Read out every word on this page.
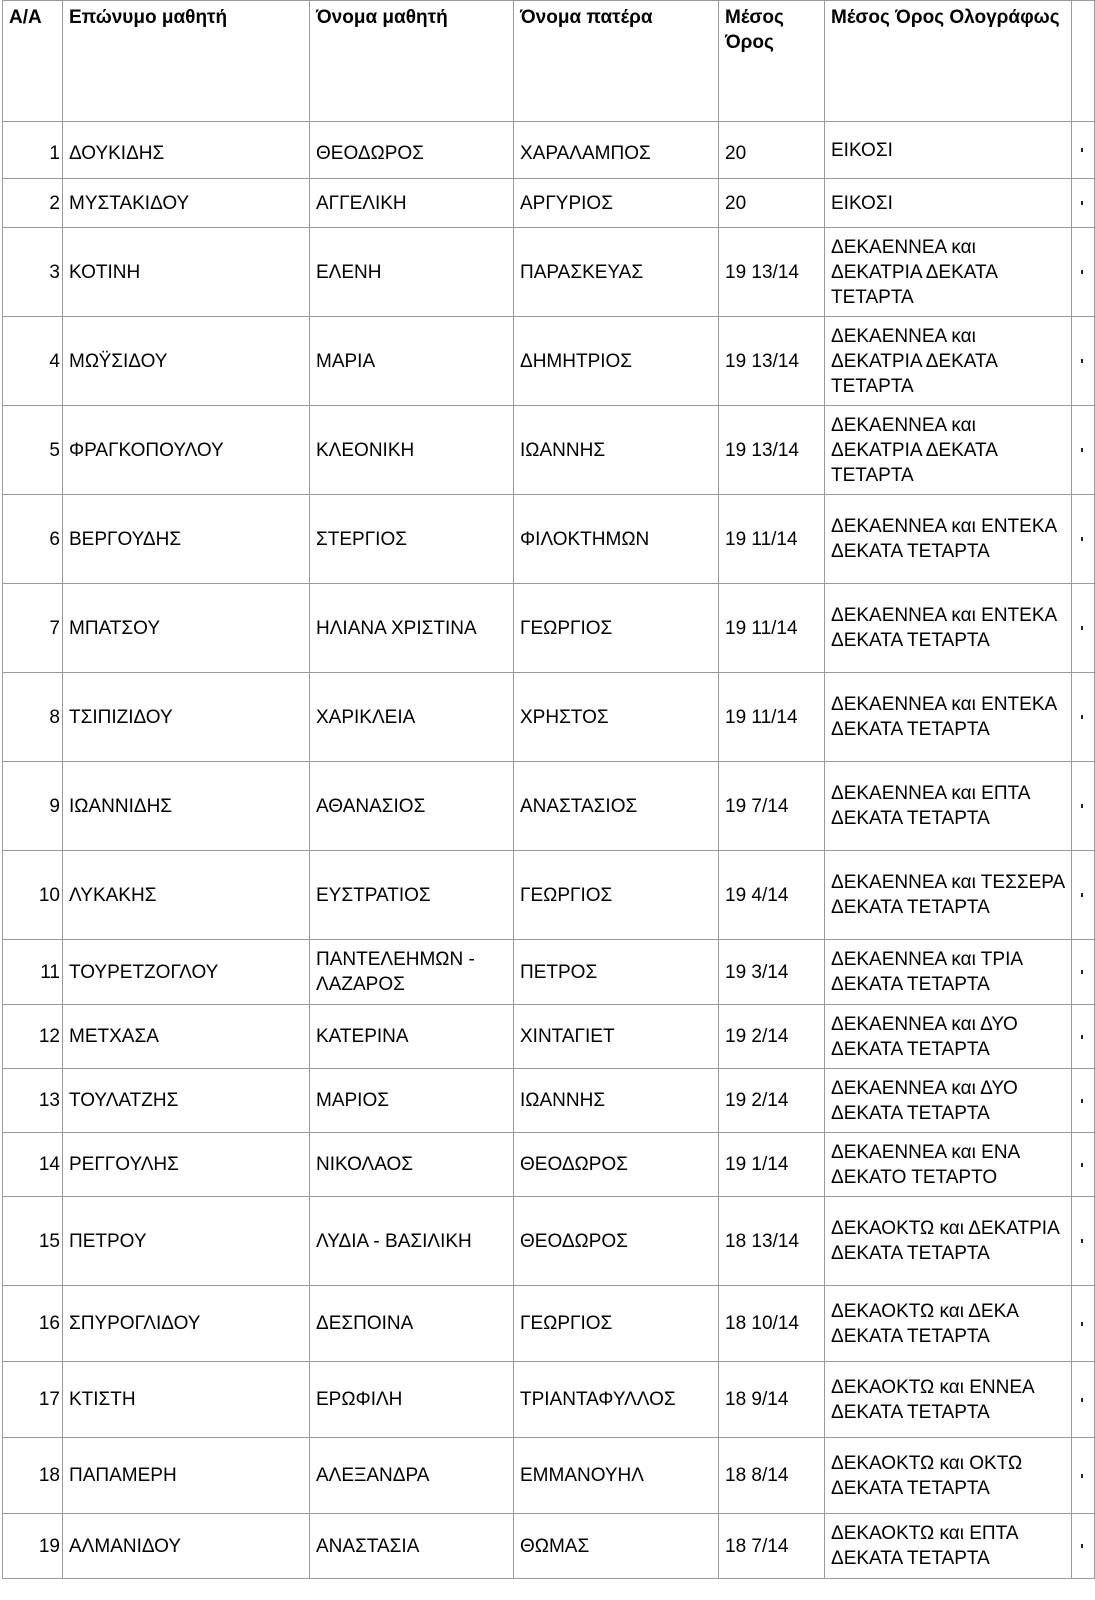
Α/Α	Επώνυμο μαθητή	Όνομα μαθητή	Όνομα πατέρα	Μέσος Όρος	Μέσος Όρος Ολογράφως	
1	ΔΟΥΚΙΔΗΣ	ΘΕΟΔΩΡΟΣ	ΧΑΡΑΛΑΜΠΟΣ	20	ΕΙΚΟΣΙ	

2	ΜΥΣΤΑΚΙΔΟΥ	ΑΓΓΕΛΙΚΗ	ΑΡΓΥΡΙΟΣ	20	ΕΙΚΟΣΙ	

3	ΚΟΤΙΝΗ	ΕΛΕΝΗ	ΠΑΡΑΣΚΕΥΑΣ	19 13/14	ΔΕΚΑΕΝΝΕΑ και ΔΕΚΑΤΡΙΑ ΔΕΚΑΤΑ ΤΕΤΑΡΤΑ	

4	ΜΩΫΣΙΔΟΥ	ΜΑΡΙΑ	ΔΗΜΗΤΡΙΟΣ	19 13/14	ΔΕΚΑΕΝΝΕΑ και ΔΕΚΑΤΡΙΑ ΔΕΚΑΤΑ ΤΕΤΑΡΤΑ	

5	ΦΡΑΓΚΟΠΟΥΛΟΥ	ΚΛΕΟΝΙΚΗ	ΙΩΑΝΝΗΣ	19 13/14	ΔΕΚΑΕΝΝΕΑ και ΔΕΚΑΤΡΙΑ ΔΕΚΑΤΑ ΤΕΤΑΡΤΑ	

6	ΒΕΡΓΟΥΔΗΣ	ΣΤΕΡΓΙΟΣ	ΦΙΛΟΚΤΗΜΩΝ	19 11/14	ΔΕΚΑΕΝΝΕΑ και ΕΝΤΕΚΑ ΔΕΚΑΤΑ ΤΕΤΑΡΤΑ	

7	ΜΠΑΤΣΟΥ	ΗΛΙΑΝΑ ΧΡΙΣΤΙΝΑ	ΓΕΩΡΓΙΟΣ	19 11/14	ΔΕΚΑΕΝΝΕΑ και ΕΝΤΕΚΑ ΔΕΚΑΤΑ ΤΕΤΑΡΤΑ	

8	ΤΣΙΠΙΖΙΔΟΥ	ΧΑΡΙΚΛΕΙΑ	ΧΡΗΣΤΟΣ	19 11/14	ΔΕΚΑΕΝΝΕΑ και ΕΝΤΕΚΑ ΔΕΚΑΤΑ ΤΕΤΑΡΤΑ	

9	ΙΩΑΝΝΙΔΗΣ	ΑΘΑΝΑΣΙΟΣ	ΑΝΑΣΤΑΣΙΟΣ	19 7/14	ΔΕΚΑΕΝΝΕΑ και ΕΠΤΑ ΔΕΚΑΤΑ ΤΕΤΑΡΤΑ	

10	ΛΥΚΑΚΗΣ	ΕΥΣΤΡΑΤΙΟΣ	ΓΕΩΡΓΙΟΣ	19 4/14	ΔΕΚΑΕΝΝΕΑ και ΤΕΣΣΕΡΑ ΔΕΚΑΤΑ ΤΕΤΑΡΤΑ	

11	ΤΟΥΡΕΤΖΟΓΛΟΥ	ΠΑΝΤΕΛΕΗΜΩΝ - ΛΑΖΑΡΟΣ	ΠΕΤΡΟΣ	19 3/14	ΔΕΚΑΕΝΝΕΑ και ΤΡΙΑ ΔΕΚΑΤΑ ΤΕΤΑΡΤΑ	

12	ΜΕΤΧΑΣΑ	ΚΑΤΕΡΙΝΑ	ΧΙΝΤΑΓΙΕΤ	19 2/14	ΔΕΚΑΕΝΝΕΑ και ΔΥΟ ΔΕΚΑΤΑ ΤΕΤΑΡΤΑ	

13	ΤΟΥΛΑΤΖΗΣ	ΜΑΡΙΟΣ	ΙΩΑΝΝΗΣ	19 2/14	ΔΕΚΑΕΝΝΕΑ και ΔΥΟ ΔΕΚΑΤΑ ΤΕΤΑΡΤΑ	

14	ΡΕΓΓΟΥΛΗΣ	ΝΙΚΟΛΑΟΣ	ΘΕΟΔΩΡΟΣ	19 1/14	ΔΕΚΑΕΝΝΕΑ και ΕΝΑ ΔΕΚΑΤΟ ΤΕΤΑΡΤΟ	

15	ΠΕΤΡΟΥ	ΛΥΔΙΑ - ΒΑΣΙΛΙΚΗ	ΘΕΟΔΩΡΟΣ	18 13/14	ΔΕΚΑΟΚΤΩ και ΔΕΚΑΤΡΙΑ ΔΕΚΑΤΑ ΤΕΤΑΡΤΑ	

16	ΣΠΥΡΟΓΛΙΔΟΥ	ΔΕΣΠΟΙΝΑ	ΓΕΩΡΓΙΟΣ	18 10/14	ΔΕΚΑΟΚΤΩ και ΔΕΚΑ ΔΕΚΑΤΑ ΤΕΤΑΡΤΑ	

17	ΚΤΙΣΤΗ	ΕΡΩΦΙΛΗ	ΤΡΙΑΝΤΑΦΥΛΛΟΣ	18 9/14	ΔΕΚΑΟΚΤΩ και ΕΝΝΕΑ ΔΕΚΑΤΑ ΤΕΤΑΡΤΑ	

18	ΠΑΠΑΜΕΡΗ	ΑΛΕΞΑΝΔΡΑ	ΕΜΜΑΝΟΥΗΛ	18 8/14	ΔΕΚΑΟΚΤΩ και ΟΚΤΩ ΔΕΚΑΤΑ ΤΕΤΑΡΤΑ	

19	ΑΛΜΑΝΙΔΟΥ	ΑΝΑΣΤΑΣΙΑ	ΘΩΜΑΣ	18 7/14	ΔΕΚΑΟΚΤΩ και ΕΠΤΑ ΔΕΚΑΤΑ ΤΕΤΑΡΤΑ	
